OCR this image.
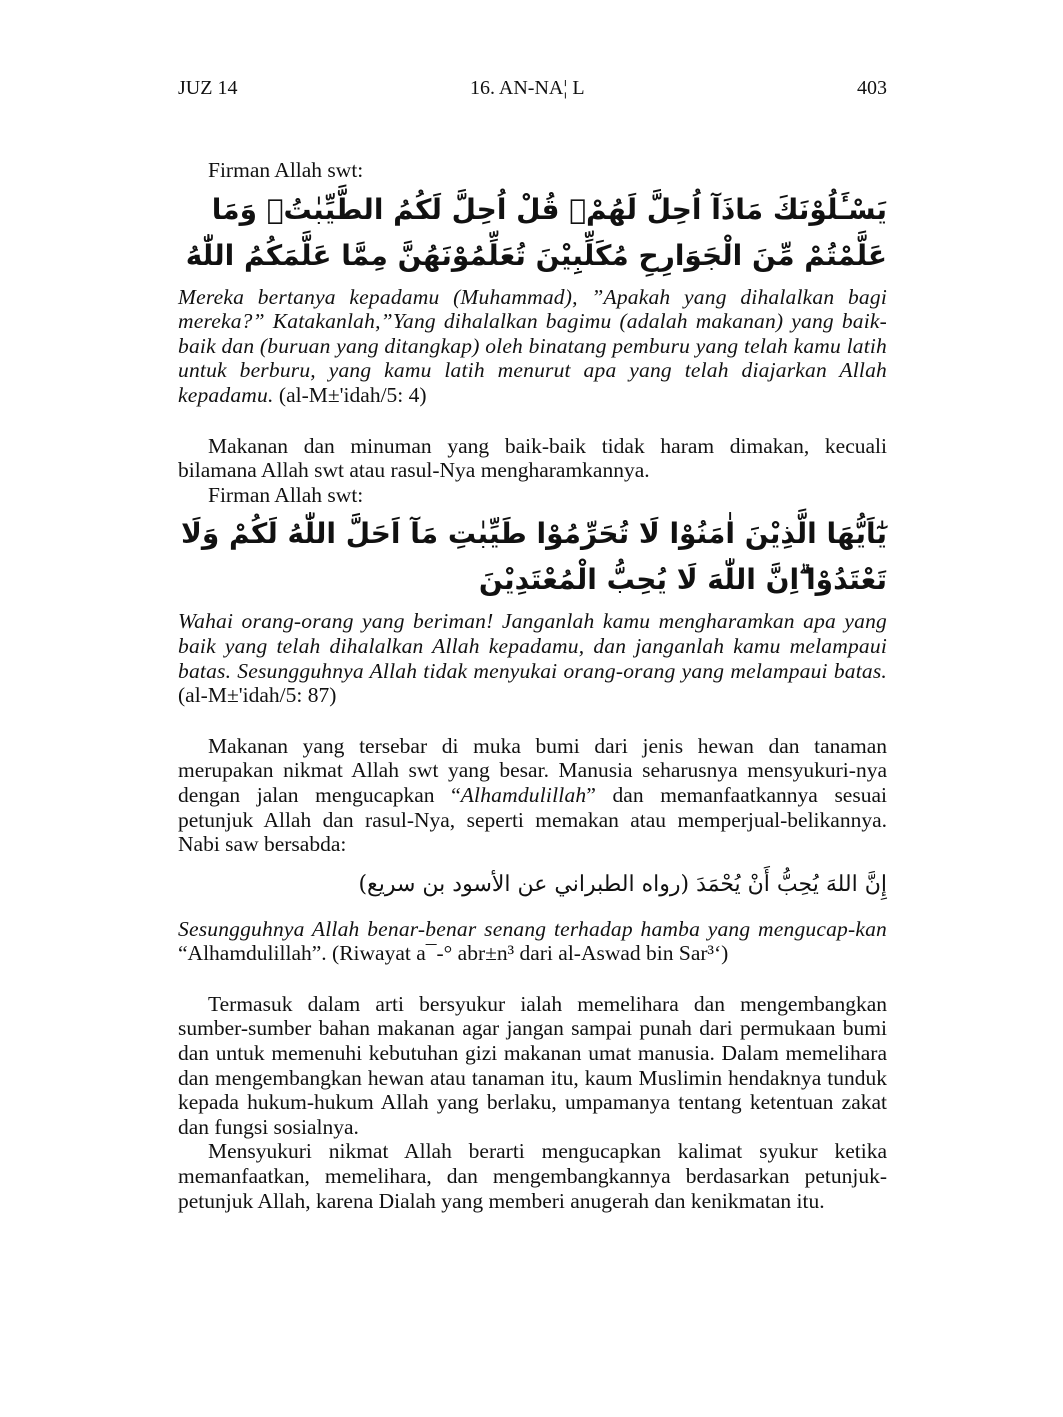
JUZ 14	16. AN-NA¦ L	403

Firman Allah swt:

يَسْـَٔلُوْنَكَ مَاذَآ اُحِلَّ لَهُمْۗ قُلْ اُحِلَّ لَكُمُ الطَّيِّبٰتُۙ وَمَا عَلَّمْتُمْ مِّنَ الْجَوَارِحِ مُكَلِّبِيْنَ تُعَلِّمُوْنَهُنَّ مِمَّا عَلَّمَكُمُ اللّٰهُ

Mereka bertanya kepadamu (Muhammad), ”Apakah yang dihalalkan bagi mereka?” Katakanlah,”Yang dihalalkan bagimu (adalah makanan) yang baik-baik dan (buruan yang ditangkap) oleh binatang pemburu yang telah kamu latih untuk berburu, yang kamu latih menurut apa yang telah diajarkan Allah kepadamu. (al-M±'idah/5: 4)

Makanan dan minuman yang baik-baik tidak haram dimakan, kecuali bilamana Allah swt atau rasul-Nya mengharamkannya.

Firman Allah swt:

يٰٓاَيُّهَا الَّذِيْنَ اٰمَنُوْا لَا تُحَرِّمُوْا طَيِّبٰتِ مَآ اَحَلَّ اللّٰهُ لَكُمْ وَلَا تَعْتَدُوْا ۗاِنَّ اللّٰهَ لَا يُحِبُّ الْمُعْتَدِيْنَ

Wahai orang-orang yang beriman! Janganlah kamu mengharamkan apa yang baik yang telah dihalalkan Allah kepadamu, dan janganlah kamu melampaui batas. Sesungguhnya Allah tidak menyukai orang-orang yang melampaui batas. (al-M±'idah/5: 87)

Makanan yang tersebar di muka bumi dari jenis hewan dan tanaman merupakan nikmat Allah swt yang besar. Manusia seharusnya mensyukuri-nya dengan jalan mengucapkan “Alhamdulillah” dan memanfaatkannya sesuai petunjuk Allah dan rasul-Nya, seperti memakan atau memperjual-belikannya. Nabi saw bersabda:

إِنَّ اللهَ يُحِبُّ أَنْ يُحْمَدَ (رواه الطبراني عن الأسود بن سريع)

Sesungguhnya Allah benar-benar senang terhadap hamba yang mengucap-kan “Alhamdulillah”. (Riwayat a¯-° abr±n³ dari al-Aswad bin Sar³‘)

Termasuk dalam arti bersyukur ialah memelihara dan mengembangkan sumber-sumber bahan makanan agar jangan sampai punah dari permukaan bumi dan untuk memenuhi kebutuhan gizi makanan umat manusia. Dalam memelihara dan mengembangkan hewan atau tanaman itu, kaum Muslimin hendaknya tunduk kepada hukum-hukum Allah yang berlaku, umpamanya tentang ketentuan zakat dan fungsi sosialnya.

Mensyukuri nikmat Allah berarti mengucapkan kalimat syukur ketika memanfaatkan, memelihara, dan mengembangkannya berdasarkan petunjuk-petunjuk Allah, karena Dialah yang memberi anugerah dan kenikmatan itu.
